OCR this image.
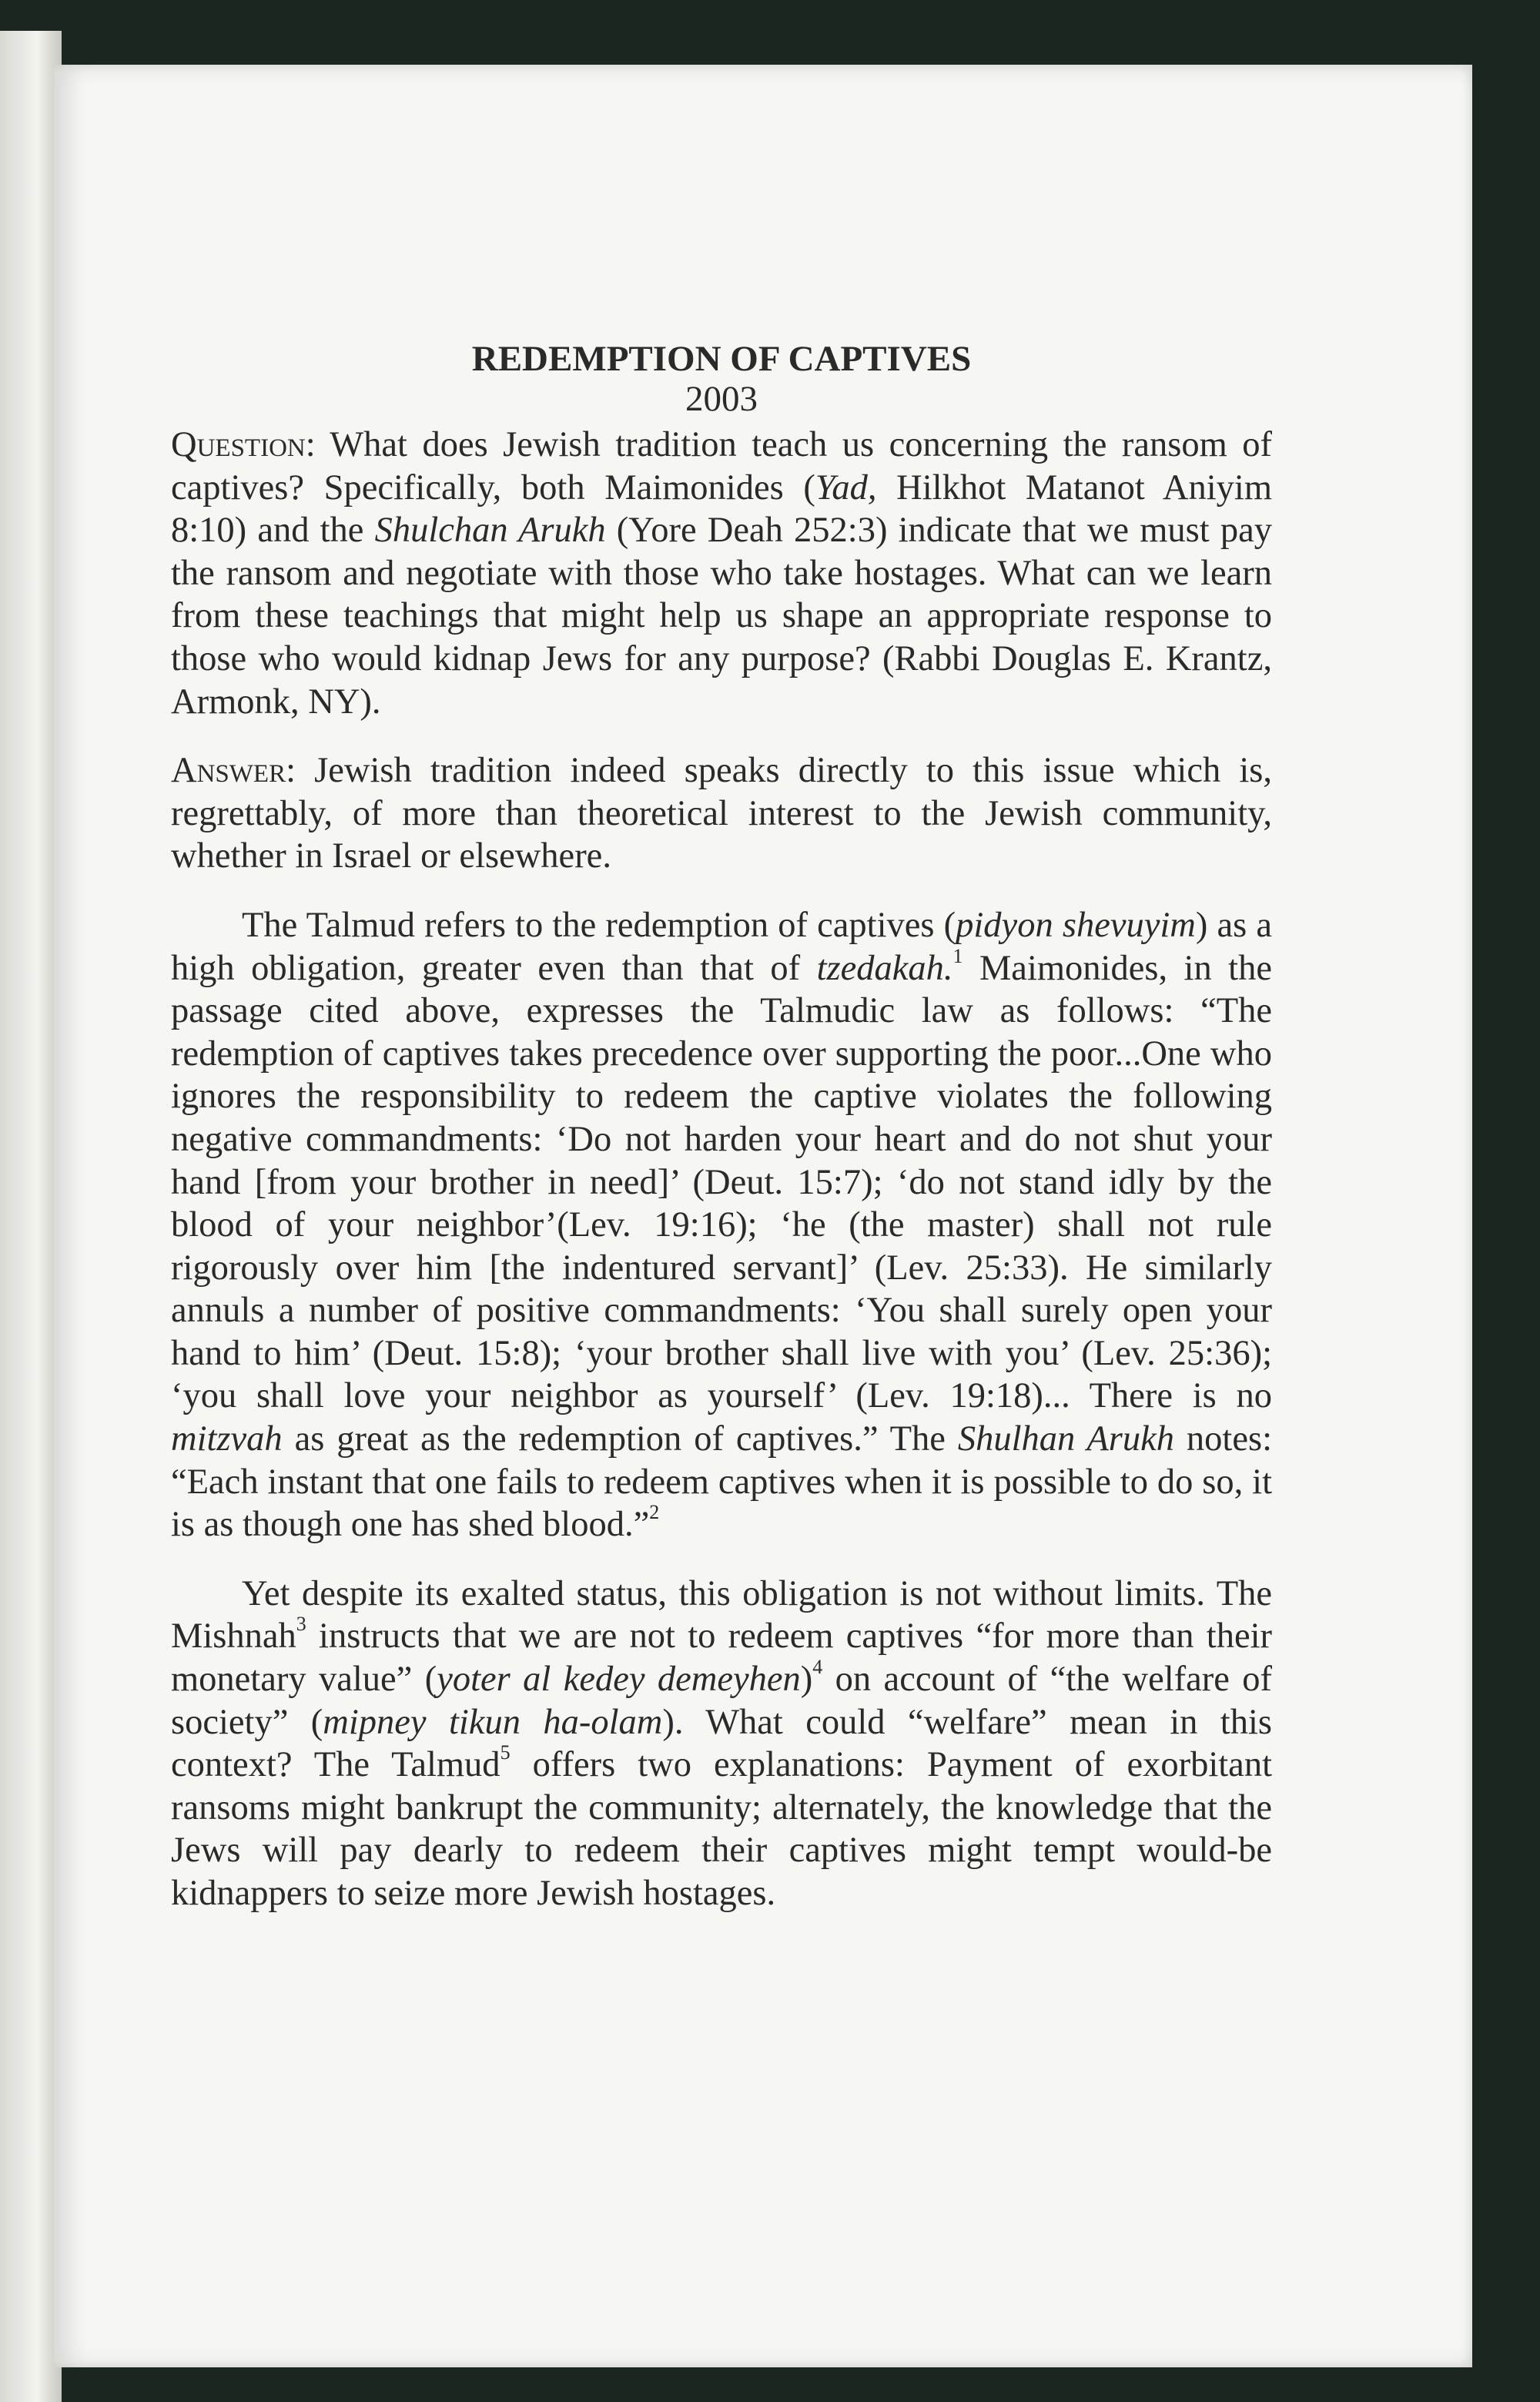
REDEMPTION OF CAPTIVES
2003

Question: What does Jewish tradition teach us concerning the ransom of captives? Specifically, both Maimonides (Yad, Hilkhot Matanot Aniyim 8:10) and the Shulchan Arukh (Yore Deah 252:3) indicate that we must pay the ransom and negotiate with those who take hostages. What can we learn from these teachings that might help us shape an appropriate response to those who would kidnap Jews for any purpose? (Rabbi Douglas E. Krantz, Armonk, NY).

Answer: Jewish tradition indeed speaks directly to this issue which is, regrettably, of more than theoretical interest to the Jewish community, whether in Israel or elsewhere.

The Talmud refers to the redemption of captives (pidyon shevuyim) as a high obligation, greater even than that of tzedakah.$^1$ Maimonides, in the passage cited above, expresses the Talmudic law as follows: “The redemption of captives takes precedence over supporting the poor...One who ignores the responsibility to redeem the captive violates the following negative commandments: ‘Do not harden your heart and do not shut your hand [from your brother in need]’ (Deut. 15:7); ‘do not stand idly by the blood of your neighbor’(Lev. 19:16); ‘he (the master) shall not rule rigorously over him [the indentured servant]’ (Lev. 25:33). He similarly annuls a number of positive commandments: ‘You shall surely open your hand to him’ (Deut. 15:8); ‘your brother shall live with you’ (Lev. 25:36); ‘you shall love your neighbor as yourself’ (Lev. 19:18)... There is no mitzvah as great as the redemption of captives.” The Shulhan Arukh notes: “Each instant that one fails to redeem captives when it is possible to do so, it is as though one has shed blood.”$^2$

Yet despite its exalted status, this obligation is not without limits. The Mishnah$^3$ instructs that we are not to redeem captives “for more than their monetary value” (yoter al kedey demeyhen)$^4$ on account of “the welfare of society” (mipney tikun ha-olam). What could “welfare” mean in this context? The Talmud$^5$ offers two explanations: Payment of exorbitant ransoms might bankrupt the community; alternately, the knowledge that the Jews will pay dearly to redeem their captives might tempt would-be kidnappers to seize more Jewish hostages.
